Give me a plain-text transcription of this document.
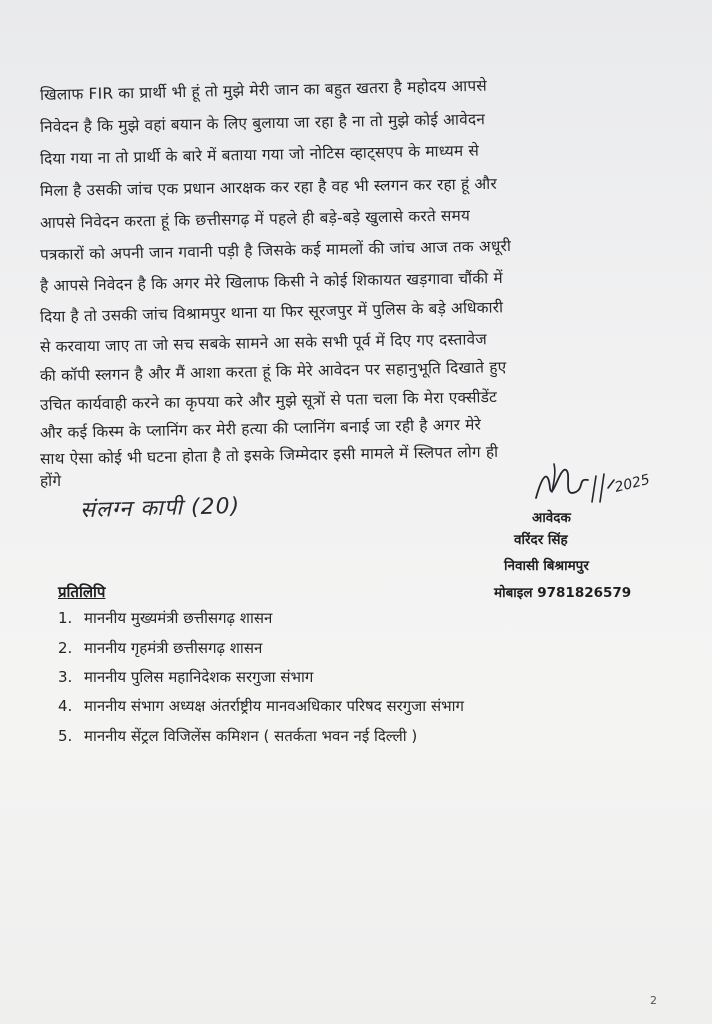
खिलाफ FIR का प्रार्थी भी हूं तो मुझे मेरी जान का बहुत खतरा है महोदय आपसे
निवेदन है कि मुझे वहां बयान के लिए बुलाया जा रहा है ना तो मुझे कोई आवेदन
दिया गया ना तो प्रार्थी के बारे में बताया गया जो नोटिस व्हाट्सएप के माध्यम से
मिला है उसकी जांच एक प्रधान आरक्षक कर रहा है वह भी स्लगन कर रहा हूं और
आपसे निवेदन करता हूं कि छत्तीसगढ़ में पहले ही बड़े-बड़े खुलासे करते समय
पत्रकारों को अपनी जान गवानी पड़ी है जिसके कई मामलों की जांच आज तक अधूरी
है आपसे निवेदन है कि अगर मेरे खिलाफ किसी ने कोई शिकायत खड़गावा चौंकी में
दिया है तो उसकी जांच विश्रामपुर थाना या फिर सूरजपुर में पुलिस के बड़े अधिकारी
से करवाया जाए ता जो सच सबके सामने आ सके सभी पूर्व में दिए गए दस्तावेज
की कॉपी स्लगन है और मैं आशा करता हूं कि मेरे आवेदन पर सहानुभूति दिखाते हुए
उचित कार्यवाही करने का कृपया करे और मुझे सूत्रों से पता चला कि मेरा एक्सीडेंट
और कई किस्म के प्लानिंग कर मेरी हत्या की प्लानिंग बनाई जा रही है अगर मेरे
साथ ऐसा कोई भी घटना होता है तो इसके जिम्मेदार इसी मामले में स्लिपत लोग ही
होंगे
संलग्न कापी (20)
2025
आवेदक
वरिंदर सिंह
निवासी बिश्रामपुर
मोबाइल 9781826579
प्रतिलिपि
1. माननीय मुख्यमंत्री छत्तीसगढ़ शासन
2. माननीय गृहमंत्री छत्तीसगढ़ शासन
3. माननीय पुलिस महानिदेशक सरगुजा संभाग
4. माननीय संभाग अध्यक्ष अंतर्राष्ट्रीय मानवअधिकार परिषद सरगुजा संभाग
5. माननीय सेंट्रल विजिलेंस कमिशन ( सतर्कता भवन नई दिल्ली )
2
